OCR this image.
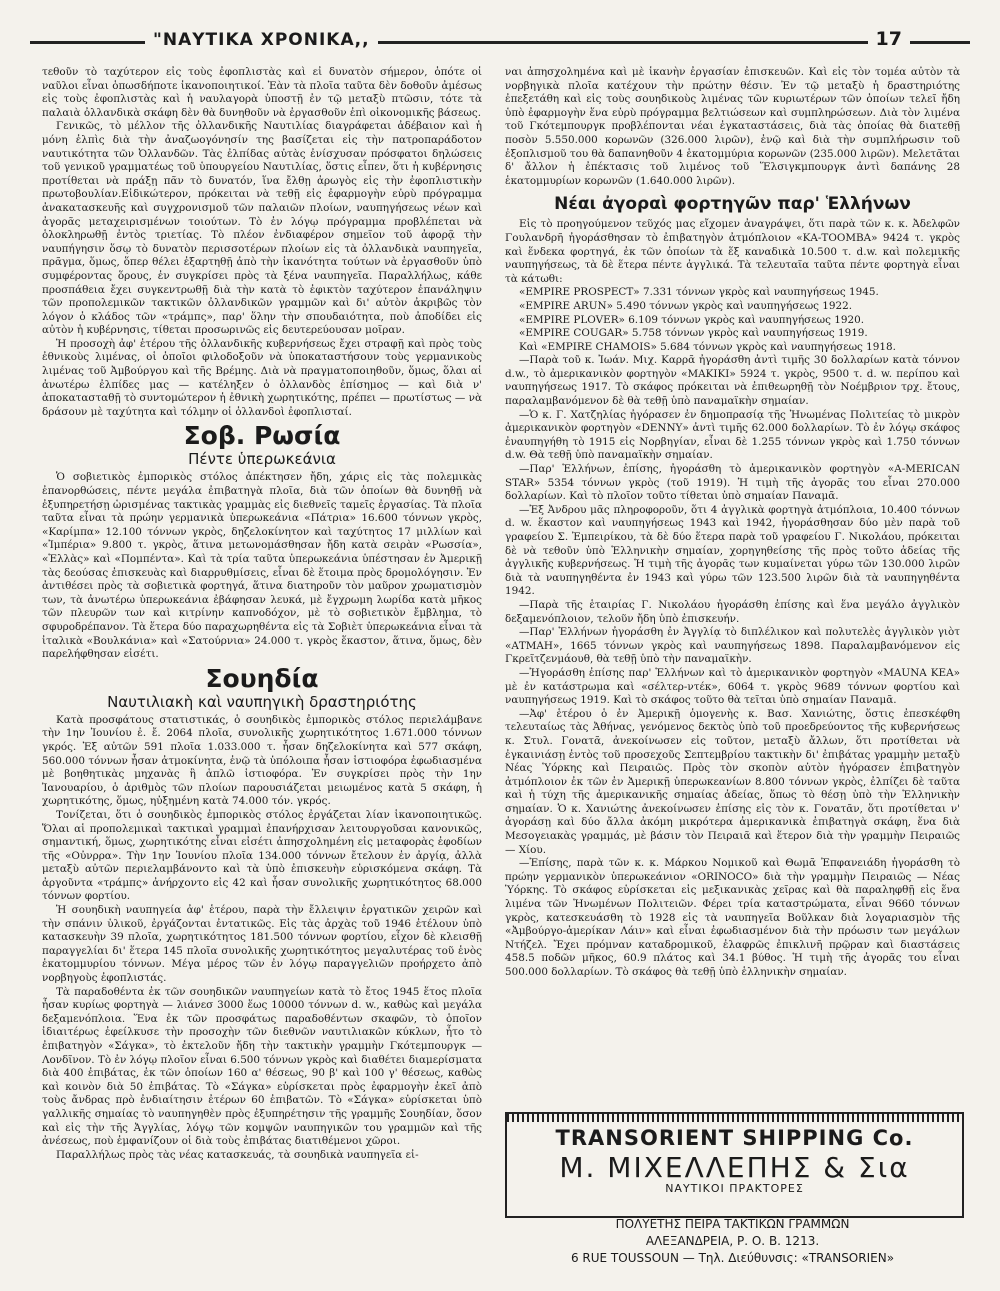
"ΝΑΥΤΙΚΑ ΧΡΟΝΙΚΑ,,	17

τεθοῦν τὸ ταχύτερον εἰς τοὺς ἐφοπλιστὰς καὶ εἰ δυνατὸν σήμερον, ὁπότε οἱ ναῦλοι εἶναι ὁπωσδήποτε ἱκανοποιητικοί. Ἐὰν τὰ πλοῖα ταῦτα δὲν δοθοῦν ἀμέσως εἰς τοὺς ἐφοπλιστὰς καὶ ἡ ναυλαγορὰ ὑποστῇ ἐν τῷ μεταξὺ πτῶσιν, τότε τὰ παλαιὰ ὀλλανδικὰ σκάφη δὲν θὰ δυνηθοῦν νὰ ἐργασθοῦν ἐπὶ οἰκονομικῆς βάσεως.

Γενικῶς, τὸ μέλλον τῆς ὀλλανδικῆς Ναυτιλίας διαγράφεται ἀδέβαιον καὶ ἡ μόνη ἐλπὶς διὰ τὴν ἀναζωογόνησίν της βασίζεται εἰς τὴν πατροπαράδοτον ναυτικότητα τῶν Ὀλλανδῶν. Τὰς ἐλπίδας αὐτὰς ἐνίσχυσαν πρόσφατοι δηλώσεις τοῦ γενικοῦ γραμματέως τοῦ ὑπουργείου Ναυτιλίας, ὅστις εἶπεν, ὅτι ἡ κυβέρνησις προτίθεται νὰ πράξῃ πᾶν τὸ δυνατόν, ἵνα ἔλθῃ ἀρωγὸς εἰς τὴν ἐφοπλιστικὴν πρωτοβουλίαν.Εἰδικώτερον, πρόκειται νὰ τεθῇ εἰς ἐφαρμογὴν εὐρὺ πρόγραμμα ἀνακατασκευῆς καὶ συγχρονισμοῦ τῶν παλαιῶν πλοίων, ναυπηγήσεως νέων καὶ ἀγορᾶς μεταχειρισμένων τοιούτων. Τὸ ἐν λόγῳ πρόγραμμα προβλέπεται νὰ ὁλοκληρωθῇ ἐντὸς τριετίας. Τὸ πλέον ἐνδιαφέρον σημεῖον τοῦ ἀφορᾷ τὴν ναυπήγησιν ὅσῳ τὸ δυνατὸν περισσοτέρων πλοίων εἰς τὰ ὀλλανδικὰ ναυπηγεῖα, πρᾶγμα, ὅμως, ὅπερ θέλει ἐξαρτηθῇ ἀπὸ τὴν ἱκανότητα τούτων νὰ ἐργασθοῦν ὑπὸ συμφέροντας ὅρους, ἐν συγκρίσει πρὸς τὰ ξένα ναυπηγεῖα. Παραλλήλως, κάθε προσπάθεια ἔχει συγκεντρωθῇ διὰ τὴν κατὰ τὸ ἐφικτὸν ταχύτερον ἐπανάληψιν τῶν προπολεμικῶν τακτικῶν ὀλλανδικῶν γραμμῶν καὶ δι' αὐτὸν ἀκριβῶς τὸν λόγον ὁ κλάδος τῶν «τράμπς», παρ' ὅλην τὴν σπουδαιότητα, ποὺ ἀποδίδει εἰς αὐτὸν ἡ κυβέρνησις, τίθεται προσωρινῶς εἰς δευτερεύουσαν μοῖραν.

Ἡ προσοχὴ ἀφ' ἑτέρου τῆς ὀλλανδικῆς κυβερνήσεως ἔχει στραφῇ καὶ πρὸς τοὺς ἐθνικοὺς λιμένας, οἱ ὁποῖοι φιλοδοξοῦν νὰ ὑποκαταστήσουν τοὺς γερμανικοὺς λιμένας τοῦ Ἀμβούργου καὶ τῆς Βρέμης. Διὰ νὰ πραγματοποιηθοῦν, ὅμως, ὅλαι αἱ ἀνωτέρω ἐλπίδες μας — κατέληξεν ὁ ὀλλανδὸς ἐπίσημος — καὶ διὰ ν' ἀποκατασταθῇ τὸ συντομώτερον ἡ ἐθνικὴ χωρητικότης, πρέπει — πρωτίστως — νὰ δράσουν μὲ ταχύτητα καὶ τόλμην οἱ ὀλλανδοὶ ἐφοπλισταί.

Σοβ. Ρωσία
Πέντε ὑπερωκεάνια

Ὁ σοβιετικὸς ἐμπορικὸς στόλος ἀπέκτησεν ἤδη, χάρις εἰς τὰς πολεμικὰς ἐπανορθώσεις, πέντε μεγάλα ἐπιβατηγὰ πλοῖα, διὰ τῶν ὁποίων θὰ δυνηθῇ νὰ ἐξυπηρετήσῃ ὡρισμένας τακτικὰς γραμμὰς εἰς διεθνεῖς ταμεῖς ἐργασίας. Τὰ πλοῖα ταῦτα εἶναι τὰ πρώην γερμανικὰ ὑπερωκεάνια «Πάτρια» 16.600 τόννων γκρὸς, «Καρίμπα» 12.100 τόννων γκρὸς, δηζελοκίνητον καὶ ταχύτητος 17 μιλλίων καὶ «Ἰμπέρια» 9.800 τ. γκρὸς, ἅτινα μετωνομάσθησαν ἤδη κατὰ σειρὰν «Ρωσσία», «Ἑλλὰς» καὶ «Πομπέντα». Καὶ τὰ τρία ταῦτα ὑπερωκεάνια ὑπέστησαν ἐν Ἀμερικῇ τὰς δεούσας ἐπισκευὰς καὶ διαρρυθμίσεις, εἶναι δὲ ἕτοιμα πρὸς δρομολόγησιν. Ἐν ἀντιθέσει πρὸς τὰ σοβιετικὰ φορτηγά, ἅτινα διατηροῦν τὸν μαῦρον χρωματισμὸν των, τὰ ἀνωτέρω ὑπερωκεάνια ἐβάφησαν λευκά, μὲ ἔγχρωμη λωρίδα κατὰ μῆκος τῶν πλευρῶν των καὶ κιτρίνην καπνοδόχον, μὲ τὸ σοβιετικὸν ἔμβλημα, τὸ σφυροδρέπανον. Τὰ ἕτερα δύο παραχωρηθέντα εἰς τὰ Σοβιὲτ ὑπερωκεάνια εἶναι τὰ ἰταλικὰ «Βουλκάνια» καὶ «Σατούρνια» 24.000 τ. γκρὸς ἕκαστον, ἅτινα, ὅμως, δὲν παρελήφθησαν εἰσέτι.

Σουηδία
Ναυτιλιακὴ καὶ ναυπηγικὴ δραστηριότης

Κατὰ προσφάτους στατιστικάς, ὁ σουηδικὸς ἐμπορικὸς στόλος περιελάμβανε τὴν 1ην Ἰουνίου ἐ. ἔ. 2064 πλοῖα, συνολικῆς χωρητικότητος 1.671.000 τόννων γκρός. Ἐξ αὐτῶν 591 πλοῖα 1.033.000 τ. ἦσαν δηζελοκίνητα καὶ 577 σκάφη, 560.000 τόννων ἦσαν ἀτμοκίνητα, ἐνῷ τὰ ὑπόλοιπα ἦσαν ἱστιοφόρα ἐφωδιασμένα μὲ βοηθητικὰς μηχανὰς ἢ ἁπλῶ ἱστιοφόρα. Ἐν συγκρίσει πρὸς τὴν 1ην Ἰανουαρίου, ὁ ἀριθμὸς τῶν πλοίων παρουσιάζεται μειωμένος κατὰ 5 σκάφη, ἡ χωρητικότης, ὅμως, ηὐξημένη κατὰ 74.000 τόν. γκρός.

Τονίζεται, ὅτι ὁ σουηδικὸς ἐμπορικὸς στόλος ἐργάζεται λίαν ἱκανοποιητικῶς. Ὅλαι αἱ προπολεμικαὶ τακτικαὶ γραμμαὶ ἐπανήρχισαν λειτουργοῦσαι κανονικῶς, σημαντική, ὅμως, χωρητικότης εἶναι εἰσέτι ἀπησχολημένη εἰς μεταφορὰς ἐφοδίων τῆς «Οὐνρρα». Τὴν 1ην Ἰουνίου πλοῖα 134.000 τόννων ἔτελουν ἐν ἀργίᾳ, ἀλλὰ μεταξὺ αὐτῶν περιελαμβάνοντο καὶ τὰ ὑπὸ ἐπισκευὴν εὑρισκόμενα σκάφη. Τὰ ἀργοῦντα «τράμπς» ἀνήρχοντο εἰς 42 καὶ ἦσαν συνολικῆς χωρητικότητος 68.000 τόννων φορτίου.

Ἡ σουηδικὴ ναυπηγεία ἀφ' ἑτέρου, παρὰ τὴν ἔλλειψιν ἐργατικῶν χειρῶν καὶ τὴν σπάνιν ὑλικοῦ, ἐργάζονται ἐντατικῶς. Εἰς τὰς ἀρχὰς τοῦ 1946 ἐτέλουν ὑπὸ κατασκευὴν 39 πλοῖα, χωρητικότητος 181.500 τόννων φορτίου, εἶχον δὲ κλεισθῇ παραγγελίαι δι' ἕτερα 145 πλοῖα συνολικῆς χωρητικότητος μεγαλυτέρας τοῦ ἑνὸς ἑκατομμυρίου τόννων. Μέγα μέρος τῶν ἐν λόγῳ παραγγελιῶν προήρχετο ἀπὸ νορβηγοὺς ἐφοπλιστάς.

Τὰ παραδοθέντα ἐκ τῶν σουηδικῶν ναυπηγείων κατὰ τὸ ἔτος 1945 ἕτος πλοῖα ἦσαν κυρίως φορτηγὰ — λιάνεσ 3000 ἕως 10000 τόννων d. w., καθὼς καὶ μεγάλα δεξαμενόπλοια. Ἕνα ἐκ τῶν προσφάτως παραδοθέντων σκαφῶν, τὸ ὁποῖον ἰδιαιτέρως ἐφείλκυσε τὴν προσοχὴν τῶν διεθνῶν ναυτιλιακῶν κύκλων, ἦτο τὸ ἐπιβατηγὸν «Σάγκα», τὸ ἐκτελοῦν ἤδη τὴν τακτικὴν γραμμὴν Γκότεμπουργκ — Λονδῖνον. Τὸ ἐν λόγῳ πλοῖον εἶναι 6.500 τόννων γκρὸς καὶ διαθέτει διαμερίσματα διὰ 400 ἐπιβάτας, ἐκ τῶν ὁποίων 160 α' θέσεως, 90 β' καὶ 100 γ' θέσεως, καθὼς καὶ κοινὸν διὰ 50 ἐπιβάτας. Τὸ «Σάγκα» εὑρίσκεται πρὸς ἐφαρμογὴν ἐκεῖ ἀπὸ τοὺς ἄνδρας πρὸ ἐνδιαίτησιν ἐτέρων 60 ἐπιβατῶν. Τὸ «Σάγκα» εὑρίσκεται ὑπὸ γαλλικῆς σημαίας τὸ ναυπηγηθὲν πρὸς ἐξυπηρέτησιν τῆς γραμμῆς Σουηδίαν, ὅσον καὶ εἰς τὴν τῆς Ἀγγλίας, λόγῳ τῶν κομψῶν ναυπηγικῶν του γραμμῶν καὶ τῆς ἀνέσεως, ποὺ ἐμφανίζουν οἱ διὰ τοὺς ἐπιβάτας διατιθέμενοι χῶροι.

Παραλλήλως πρὸς τὰς νέας κατασκευάς, τὰ σουηδικὰ ναυπηγεῖα εἰ-

ναι ἀπησχολημένα καὶ μὲ ἱκανὴν ἐργασίαν ἐπισκευῶν. Καὶ εἰς τὸν τομέα αὐτὸν τὰ νορβηγικὰ πλοῖα κατέχουν τὴν πρώτην θέσιν. Ἐν τῷ μεταξὺ ἡ δραστηριότης ἐπεξετάθη καὶ εἰς τοὺς σουηδικοὺς λιμένας τῶν κυριωτέρων τῶν ὁποίων τελεῖ ἤδη ὑπὸ ἐφαρμογὴν ἕνα εὐρὺ πρόγραμμα βελτιώσεων καὶ συμπληρώσεων. Διὰ τὸν λιμένα τοῦ Γκότεμπουργκ προβλέπονται νέαι ἐγκαταστάσεις, διὰ τὰς ὁποίας θὰ διατεθῇ ποσὸν 5.550.000 κορωνῶν (326.000 λιρῶν), ἐνῷ καὶ διὰ τὴν συμπλήρωσιν τοῦ ἐξοπλισμοῦ του θὰ δαπανηθοῦν 4 ἑκατομμύρια κορωνῶν (235.000 λιρῶν). Μελετᾶται δ' ἄλλον ἡ ἐπέκτασις τοῦ λιμένος τοῦ Ἕλσιγκμπουργκ ἀντὶ δαπάνης 28 ἑκατομμυρίων κορωνῶν (1.640.000 λιρῶν).

Νέαι ἀγοραὶ φορτηγῶν παρ' Ἑλλήνων

Εἰς τὸ προηγούμενον τεῦχός μας εἴχομεν ἀναγράψει, ὅτι παρὰ τῶν κ. κ. Ἀδελφῶν Γουλανδρῆ ἠγοράσθησαν τὸ ἐπιβατηγὸν ἀτμόπλοιον «ΚΑ-ΤΟΟΜΒΑ» 9424 τ. γκρὸς καὶ ἕνδεκα φορτηγά, ἐκ τῶν ὁποίων τὰ ἕξ καναδικὰ 10.500 τ. d.w. καὶ πολεμικῆς ναυπηγήσεως, τὰ δὲ ἕτερα πέντε ἀγγλικά. Τὰ τελευταῖα ταῦτα πέντε φορτηγὰ εἶναι τὰ κάτωθι:

«EMPIRE PROSPECT» 7.331 τόννων γκρὸς καὶ ναυπηγήσεως 1945.

«EMPIRE ARUN» 5.490 τόννων γκρὸς καὶ ναυπηγήσεως 1922.

«EMPIRE PLOVER» 6.109 τόννων γκρὸς καὶ ναυπηγήσεως 1920.

«EMPIRE COUGAR» 5.758 τόννων γκρὸς καὶ ναυπηγήσεως 1919.

Καὶ «EMPIRE CHAMOIS» 5.684 τόννων γκρὸς καὶ ναυπηγήσεως 1918.

—Παρὰ τοῦ κ. Ἰωάν. Μιχ. Καρρᾶ ἠγοράσθη ἀντὶ τιμῆς 30 δολλαρίων κατὰ τόννον d.w., τὸ ἀμερικανικὸν φορτηγὸν «ΜΑΚΙΚΙ» 5924 τ. γκρὸς, 9500 τ. d. w. περίπου καὶ ναυπηγήσεως 1917. Τὸ σκάφος πρόκειται νὰ ἐπιθεωρηθῇ τὸν Νοέμβριον τρχ. ἔτους, παραλαμβανόμενον δὲ θὰ τεθῇ ὑπὸ παναμαϊκὴν σημαίαν.

—Ὁ κ. Γ. Χατζηλίας ἠγόρασεν ἐν δημοπρασίᾳ τῆς Ἡνωμένας Πολιτείας τὸ μικρὸν ἀμερικανικὸν φορτηγὸν «DENNY» ἀντὶ τιμῆς 62.000 δολλαρίων. Τὸ ἐν λόγῳ σκάφος ἐναυπηγήθη τὸ 1915 εἰς Νορβηγίαν, εἶναι δὲ 1.255 τόννων γκρὸς καὶ 1.750 τόννων d.w. Θὰ τεθῇ ὑπὸ παναμαϊκὴν σημαίαν.

—Παρ' Ἑλλήνων, ἐπίσης, ἠγοράσθη τὸ ἀμερικανικὸν φορτηγὸν «A-MERICAN STAR» 5354 τόννων γκρὸς (τοῦ 1919). Ἡ τιμὴ τῆς ἀγορᾶς του εἶναι 270.000 δολλαρίων. Καὶ τὸ πλοῖον τοῦτο τίθεται ὑπὸ σημαίαν Παναμᾶ.

—Ἐξ Ἀνδρου μᾶς πληροφοροῦν, ὅτι 4 ἀγγλικὰ φορτηγὰ ἀτμόπλοια, 10.400 τόννων d. w. ἕκαστον καὶ ναυπηγήσεως 1943 καὶ 1942, ἠγοράσθησαν δύο μὲν παρὰ τοῦ γραφείου Σ. Ἐμπειρίκου, τὰ δὲ δύο ἕτερα παρὰ τοῦ γραφείου Γ. Νικολάου, πρόκειται δὲ νὰ τεθοῦν ὑπὸ Ἑλληνικὴν σημαίαν, χορηγηθείσης τῆς πρὸς τοῦτο ἀδείας τῆς ἀγγλικῆς κυβερνήσεως. Ἡ τιμὴ τῆς ἀγορᾶς των κυμαίνεται γύρω τῶν 130.000 λιρῶν διὰ τὰ ναυπηγηθέντα ἐν 1943 καὶ γύρω τῶν 123.500 λιρῶν διὰ τὰ ναυπηγηθέντα 1942.

—Παρὰ τῆς ἑταιρίας Γ. Νικολάου ἠγοράσθη ἐπίσης καὶ ἕνα μεγάλο ἀγγλικὸν δεξαμενόπλοιον, τελοῦν ἤδη ὑπὸ ἐπισκευήν.

—Παρ' Ἑλλήνων ἠγοράσθη ἐν Ἀγγλίᾳ τὸ διπλέλικον καὶ πολυτελὲς ἀγγλικὸν γιὸτ «ΑΤΜΑΗ», 1665 τόννων γκρὸς καὶ ναυπηγήσεως 1898. Παραλαμβανόμενον εἰς Γκρεῖτζενμάουθ, θὰ τεθῇ ὑπὸ τὴν παναμαϊκὴν.

—Ἠγοράσθη ἐπίσης παρ' Ἑλλήνων καὶ τὸ ἀμερικανικὸν φορτηγὸν «MAUNA KEA» μὲ ἐν κατάστρωμα καὶ «σέλτερ-ντέκ», 6064 τ. γκρὸς 9689 τόννων φορτίου καὶ ναυπηγήσεως 1919. Καὶ τὸ σκάφος τοῦτο θὰ τεῖται ὑπὸ σημαίαν Παναμᾶ.

—Ἀφ' ἑτέρου ὁ ἐν Ἀμερικῇ ὁμογενὴς κ. Βασ. Χανιώτης, ὅστις ἐπεσκέφθη τελευταίως τὰς Ἀθήνας, γενόμενος δεκτὸς ὑπὸ τοῦ προεδρεύοντος τῆς κυβερνήσεως κ. Στυλ. Γονατᾶ, ἀνεκοίνωσεν εἰς τοῦτον, μεταξὺ ἄλλων, ὅτι προτίθεται νὰ ἐγκαινιάσῃ ἐντὸς τοῦ προσεχοῦς Σεπτεμβρίου τακτικὴν δι' ἐπιβάτας γραμμὴν μεταξὺ Νέας Ὑόρκης καὶ Πειραιῶς. Πρὸς τὸν σκοπὸν αὐτὸν ἠγόρασεν ἐπιβατηγὸν ἀτμόπλοιον ἐκ τῶν ἐν Ἀμερικῇ ὑπερωκεανίων 8.800 τόννων γκρὸς, ἐλπίζει δὲ ταῦτα καὶ ἡ τύχη τῆς ἀμερικανικῆς σημαίας ἀδείας, ὅπως τὸ θέσῃ ὑπὸ τὴν Ἑλληνικὴν σημαίαν. Ὁ κ. Χανιώτης ἀνεκοίνωσεν ἐπίσης εἰς τὸν κ. Γονατᾶν, ὅτι προτίθεται ν' ἀγοράσῃ καὶ δύο ἄλλα ἀκόμη μικρότερα ἀμερικανικὰ ἐπιβατηγὰ σκάφη, ἕνα διὰ Μεσογειακὰς γραμμάς, μὲ βάσιν τὸν Πειραιᾶ καὶ ἕτερον διὰ τὴν γραμμὴν Πειραιῶς — Χίου.

—Ἐπίσης, παρὰ τῶν κ. κ. Μάρκου Νομικοῦ καὶ Θωμᾶ Ἐπφανειάδη ἠγοράσθη τὸ πρώην γερμανικὸν ὑπερωκεάνιον «ORINOCO» διὰ τὴν γραμμὴν Πειραιῶς — Νέας Ὑόρκης. Τὸ σκάφος εὑρίσκεται εἰς μεξικανικὰς χεῖρας καὶ θὰ παραληφθῇ εἰς ἕνα λιμένα τῶν Ἡνωμένων Πολιτειῶν. Φέρει τρία καταστρώματα, εἶναι 9660 τόννων γκρὸς, κατεσκευάσθη τὸ 1928 εἰς τὰ ναυπηγεῖα Βοῦλκαν διὰ λογαριασμὸν τῆς «Ἀμβούργο-ἀμερίκαν Λάιν» καὶ εἶναι ἐφωδιασμένον διὰ τὴν πρόωσιν των μεγάλων Ντήζελ. Ἔχει πρόμναν καταδρομικοῦ, ἐλαφρῶς ἐπικλινῆ πρῷραν καὶ διαστάσεις 458.5 ποδῶν μῆκος, 60.9 πλάτος καὶ 34.1 βύθος. Ἡ τιμὴ τῆς ἀγορᾶς του εἶναι 500.000 δολλαρίων. Τὸ σκάφος θὰ τεθῇ ὑπὸ ἑλληνικὴν σημαίαν.

TRANSORIENT SHIPPING Cο.
Μ. ΜΙΧΕΛΛΕΠΗΣ & Σια
ΝΑΥΤΙΚΟΙ ΠΡΑΚΤΟΡΕΣ
ΠΟΛΥΕΤΗΣ ΠΕΙΡΑ ΤΑΚΤΙΚΩΝ ΓΡΑΜΜΩΝ
ΑΛΕΞΑΝΔΡΕΙΑ, Ρ. Ο. Β. 1213.
6 RUE TOUSSOUN — Τηλ. Διεύθυνσις: «TRANSORIEN»
